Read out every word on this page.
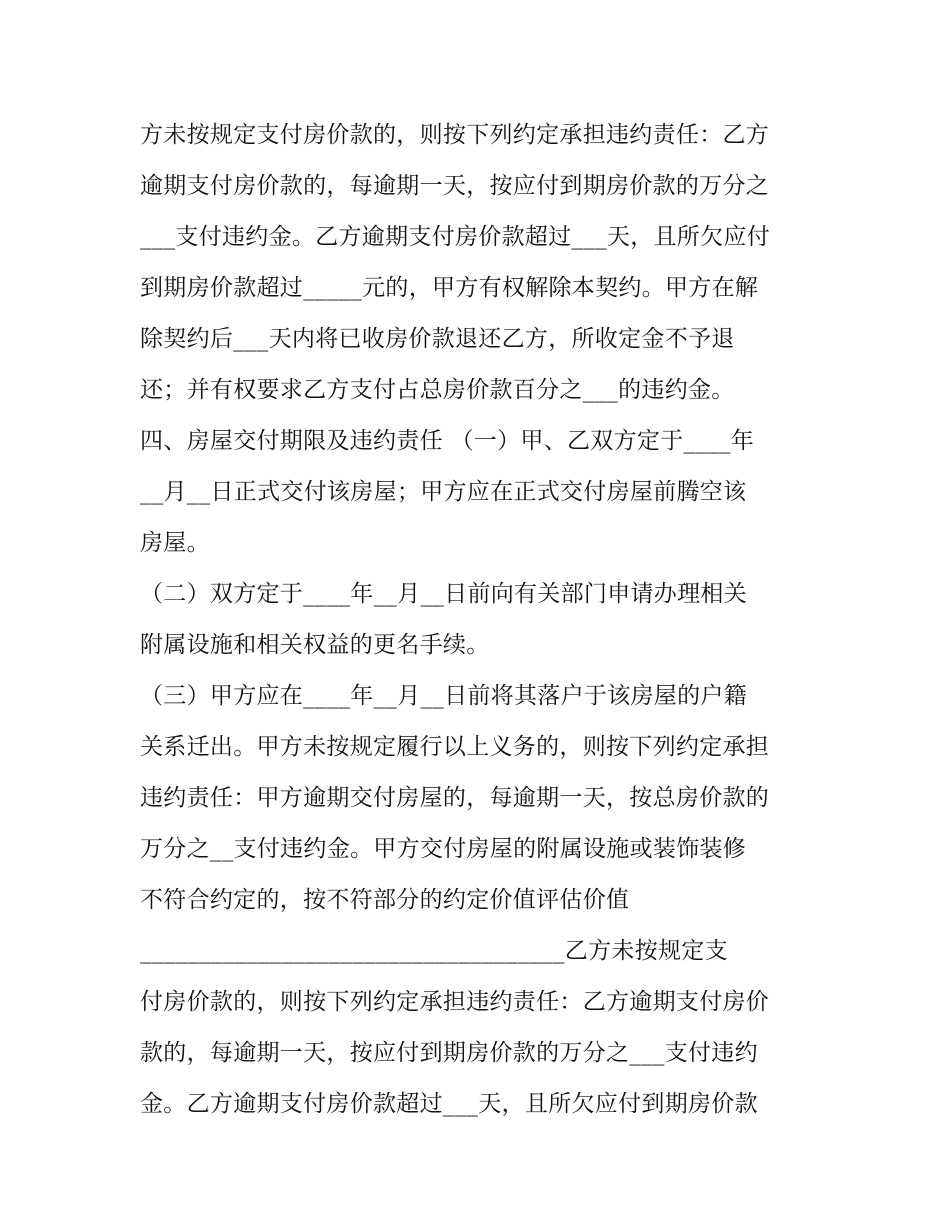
方未按规定支付房价款的，则按下列约定承担违约责任：乙方
逾期支付房价款的，每逾期一天，按应付到期房价款的万分之
___支付违约金。乙方逾期支付房价款超过___天，且所欠应付
到期房价款超过_____元的，甲方有权解除本契约。甲方在解
除契约后___天内将已收房价款退还乙方，所收定金不予退
还；并有权要求乙方支付占总房价款百分之___的违约金。
四、房屋交付期限及违约责任 （一）甲、乙双方定于____年
__月__日正式交付该房屋；甲方应在正式交付房屋前腾空该
房屋。
（二）双方定于____年__月__日前向有关部门申请办理相关
附属设施和相关权益的更名手续。
（三）甲方应在____年__月__日前将其落户于该房屋的户籍
关系迁出。甲方未按规定履行以上义务的，则按下列约定承担
违约责任：甲方逾期交付房屋的，每逾期一天，按总房价款的
万分之__支付违约金。甲方交付房屋的附属设施或装饰装修
不符合约定的，按不符部分的约定价值评估价值
____________________________________乙方未按规定支
付房价款的，则按下列约定承担违约责任：乙方逾期支付房价
款的，每逾期一天，按应付到期房价款的万分之___支付违约
金。乙方逾期支付房价款超过___天，且所欠应付到期房价款
